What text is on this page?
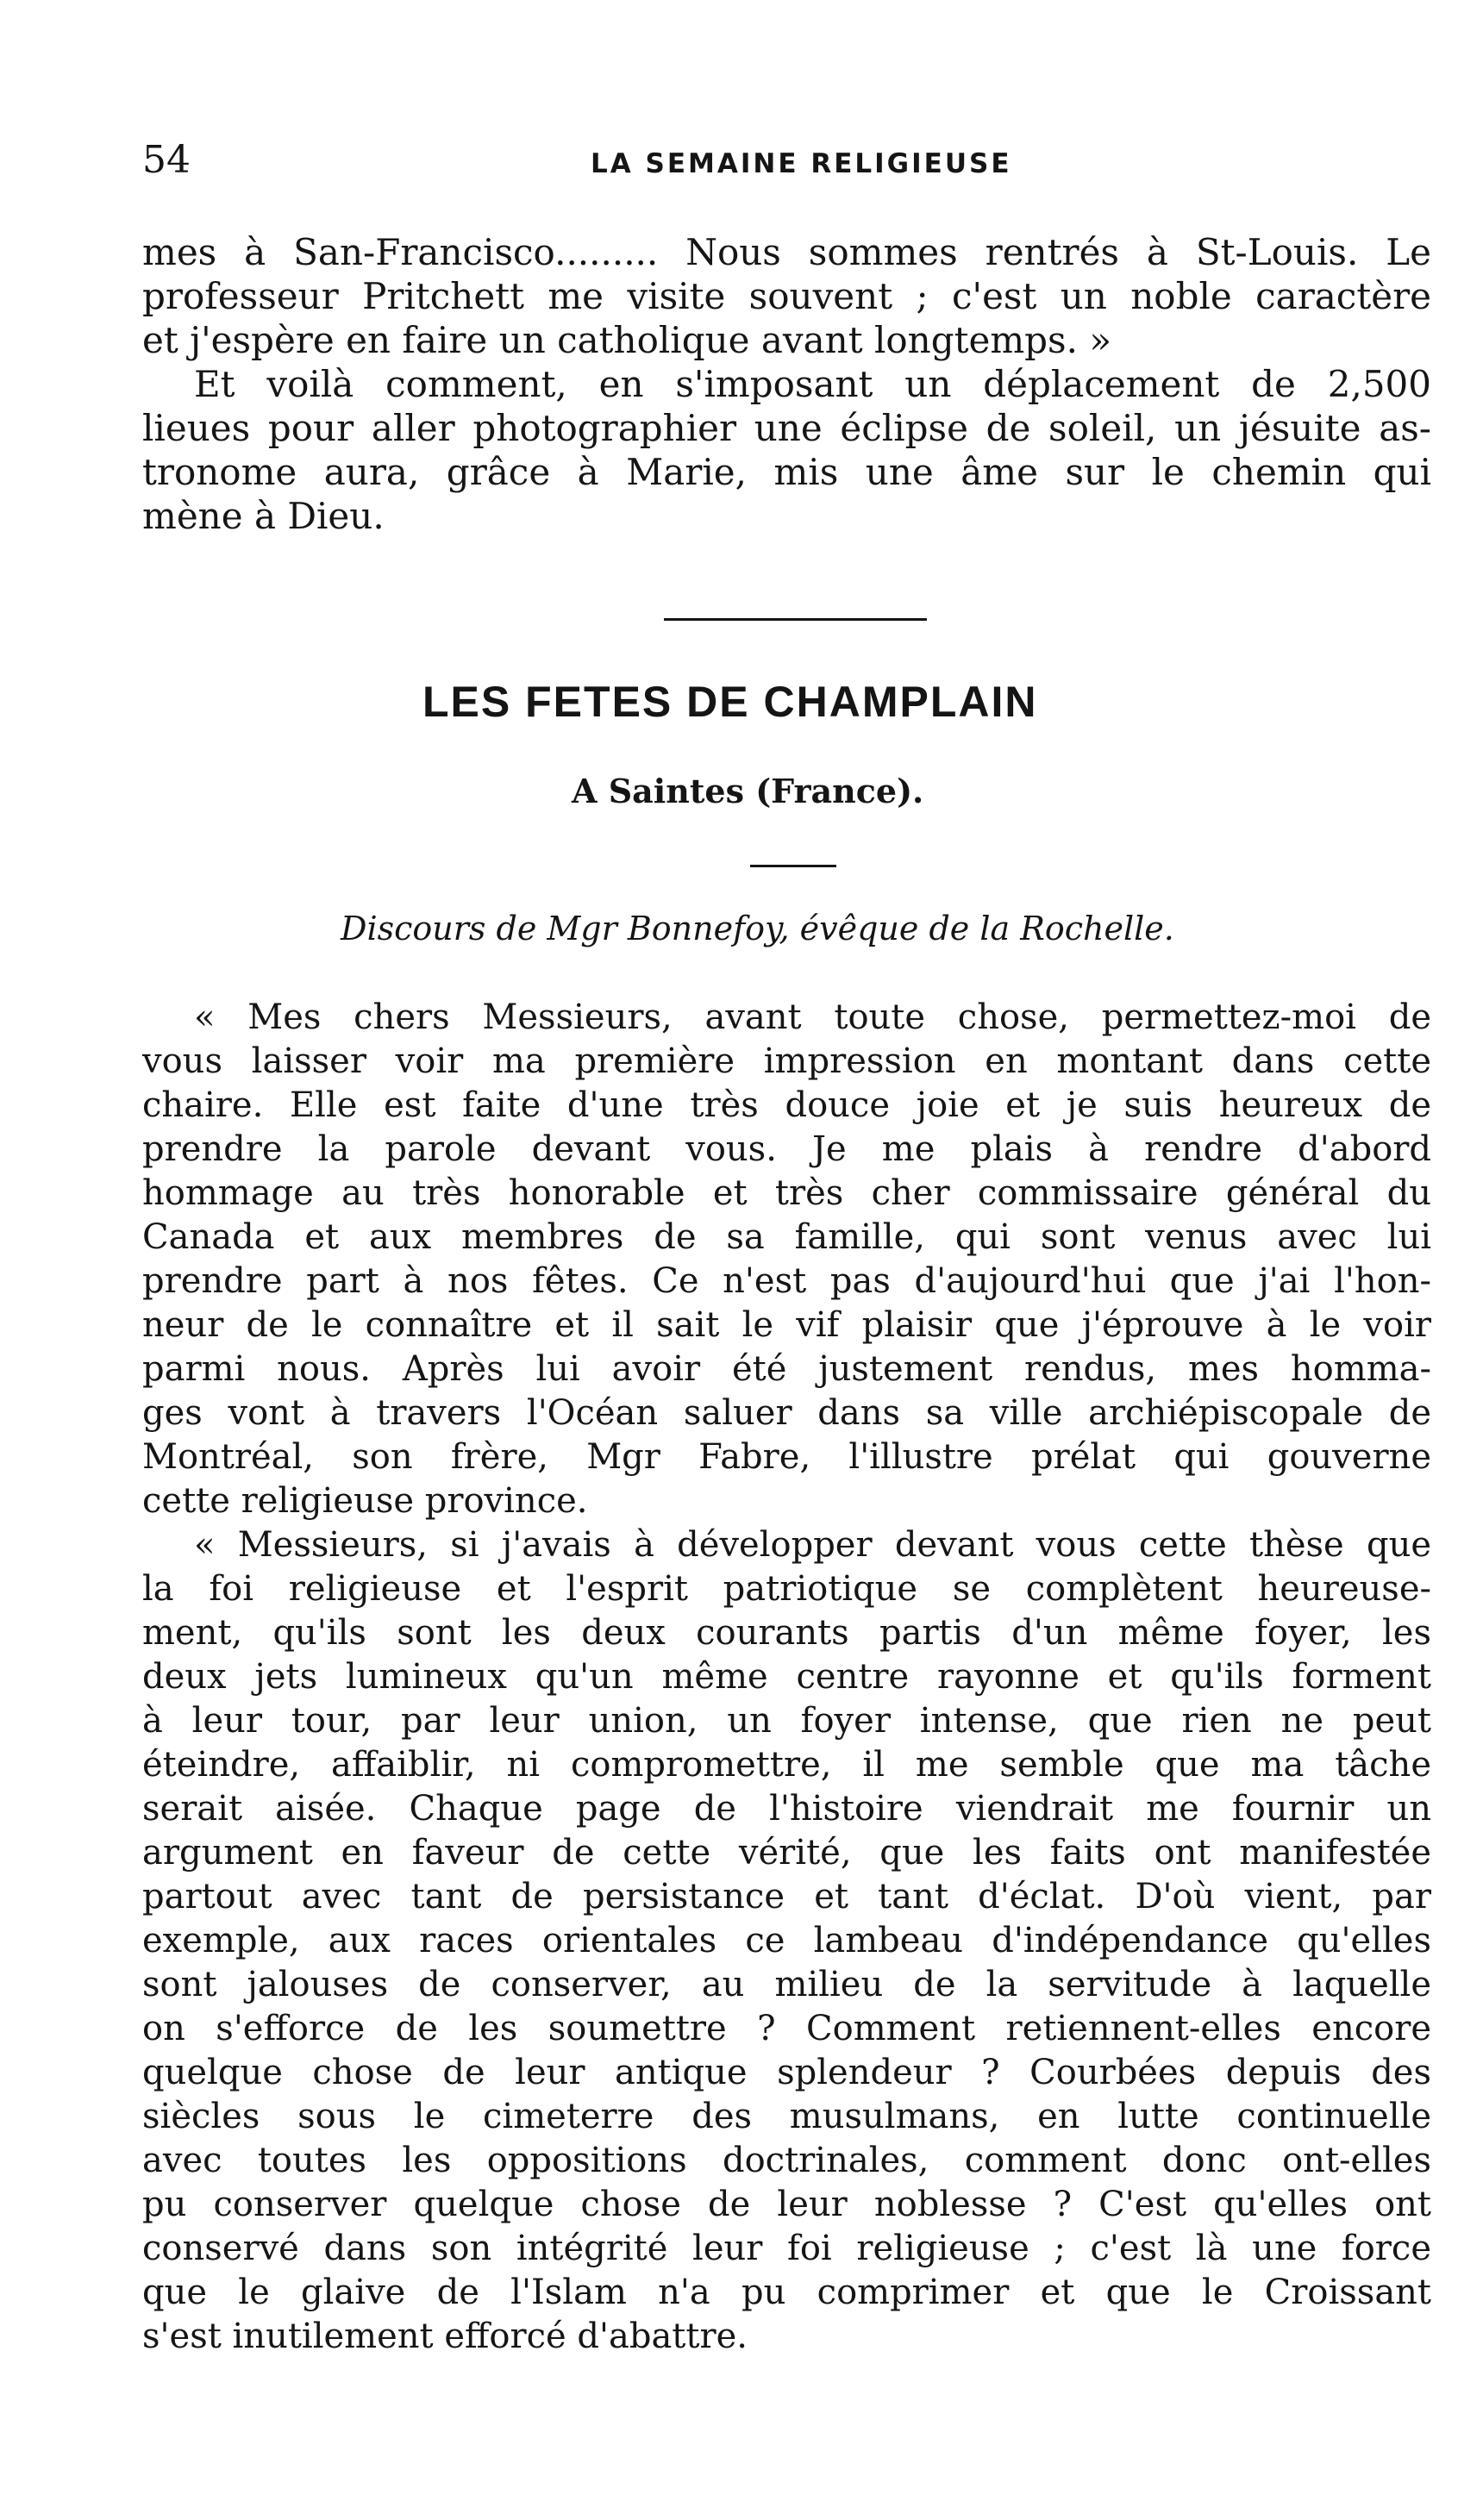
54	LA SEMAINE RELIGIEUSE
mes à San-Francisco......... Nous sommes rentrés à St-Louis. Le
professeur Pritchett me visite souvent ; c'est un noble caractère
et j'espère en faire un catholique avant longtemps. »
Et voilà comment, en s'imposant un déplacement de 2,500
lieues pour aller photographier une éclipse de soleil, un jésuite as-
tronome aura, grâce à Marie, mis une âme sur le chemin qui
mène à Dieu.
LES FETES DE CHAMPLAIN
A Saintes (France).
Discours de Mgr Bonnefoy, évêque de la Rochelle.
« Mes chers Messieurs, avant toute chose, permettez-moi de
vous laisser voir ma première impression en montant dans cette
chaire. Elle est faite d'une très douce joie et je suis heureux de
prendre la parole devant vous. Je me plais à rendre d'abord
hommage au très honorable et très cher commissaire général du
Canada et aux membres de sa famille, qui sont venus avec lui
prendre part à nos fêtes. Ce n'est pas d'aujourd'hui que j'ai l'hon-
neur de le connaître et il sait le vif plaisir que j'éprouve à le voir
parmi nous. Après lui avoir été justement rendus, mes homma-
ges vont à travers l'Océan saluer dans sa ville archiépiscopale de
Montréal, son frère, Mgr Fabre, l'illustre prélat qui gouverne
cette religieuse province.
« Messieurs, si j'avais à développer devant vous cette thèse que
la foi religieuse et l'esprit patriotique se complètent heureuse-
ment, qu'ils sont les deux courants partis d'un même foyer, les
deux jets lumineux qu'un même centre rayonne et qu'ils forment
à leur tour, par leur union, un foyer intense, que rien ne peut
éteindre, affaiblir, ni compromettre, il me semble que ma tâche
serait aisée. Chaque page de l'histoire viendrait me fournir un
argument en faveur de cette vérité, que les faits ont manifestée
partout avec tant de persistance et tant d'éclat. D'où vient, par
exemple, aux races orientales ce lambeau d'indépendance qu'elles
sont jalouses de conserver, au milieu de la servitude à laquelle
on s'efforce de les soumettre ? Comment retiennent-elles encore
quelque chose de leur antique splendeur ? Courbées depuis des
siècles sous le cimeterre des musulmans, en lutte continuelle
avec toutes les oppositions doctrinales, comment donc ont-elles
pu conserver quelque chose de leur noblesse ? C'est qu'elles ont
conservé dans son intégrité leur foi religieuse ; c'est là une force
que le glaive de l'Islam n'a pu comprimer et que le Croissant
s'est inutilement efforcé d'abattre.
